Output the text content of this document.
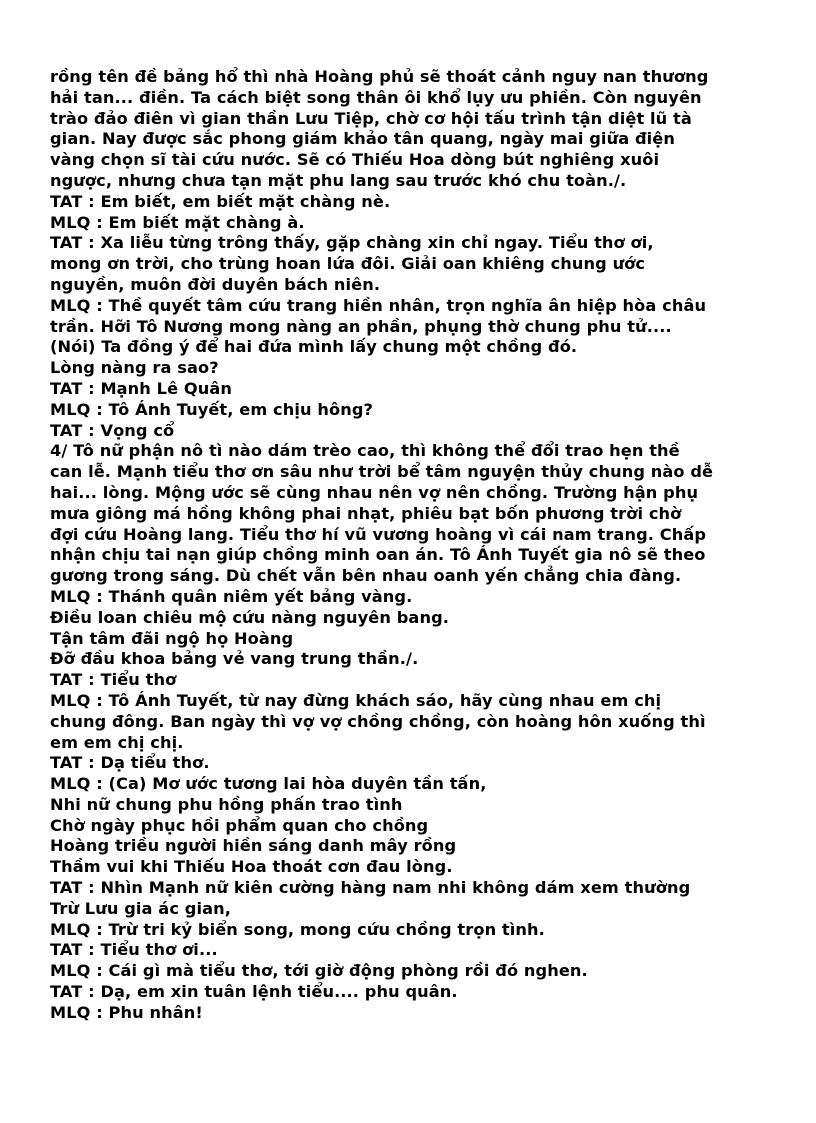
rồng tên đề bảng hổ thì nhà Hoàng phủ sẽ thoát cảnh nguy nan thương
hải tan... điền. Ta cách biệt song thân ôi khổ lụy ưu phiền. Còn nguyên
trào đảo điên vì gian thần Lưu Tiệp, chờ cơ hội tấu trình tận diệt lũ tà
gian. Nay được sắc phong giám khảo tân quang, ngày mai giữa điện
vàng chọn sĩ tài cứu nước. Sẽ có Thiếu Hoa dòng bút nghiêng xuôi
ngược, nhưng chưa tạn mặt phu lang sau trước khó chu toàn./.
TAT : Em biết, em biết mặt chàng nè.
MLQ : Em biết mặt chàng à.
TAT : Xa liễu từng trông thấy, gặp chàng xin chỉ ngay. Tiểu thơ ơi,
mong ơn trời, cho trùng hoan lứa đôi. Giải oan khiêng chung ước
nguyền, muôn đời duyên bách niên.
MLQ : Thề quyết tâm cứu trang hiền nhân, trọn nghĩa ân hiệp hòa châu
trần. Hỡi Tô Nương mong nàng an phần, phụng thờ chung phu tử....
(Nói) Ta đồng ý để hai đứa mình lấy chung một chồng đó.
Lòng nàng ra sao?
TAT : Mạnh Lê Quân
MLQ : Tô Ánh Tuyết, em chịu hông?
TAT : Vọng cổ
4/ Tô nữ phận nô tì nào dám trèo cao, thì không thể đổi trao hẹn thề
can lễ. Mạnh tiểu thơ ơn sâu như trời bể tâm nguyện thủy chung nào dễ
hai... lòng. Mộng ước sẽ cùng nhau nên vợ nên chồng. Trường hận phụ
mưa giông má hồng không phai nhạt, phiêu bạt bốn phương trời chờ
đợi cứu Hoàng lang. Tiểu thơ hí vũ vương hoàng vì cái nam trang. Chấp
nhận chịu tai nạn giúp chồng minh oan án. Tô Ánh Tuyết gia nô sẽ theo
gương trong sáng. Dù chết vẫn bên nhau oanh yến chẳng chia đàng.
MLQ : Thánh quân niêm yết bảng vàng.
Điều loan chiêu mộ cứu nàng nguyên bang.
Tận tâm đãi ngộ họ Hoàng
Đỡ đầu khoa bảng vẻ vang trung thần./.
TAT : Tiểu thơ
MLQ : Tô Ánh Tuyết, từ nay đừng khách sáo, hãy cùng nhau em chị
chung đông. Ban ngày thì vợ vợ chồng chồng, còn hoàng hôn xuống thì
em em chị chị.
TAT : Dạ tiểu thơ.
MLQ : (Ca) Mơ ước tương lai hòa duyên tần tấn,
Nhi nữ chung phu hồng phấn trao tình
Chờ ngày phục hồi phẩm quan cho chồng
Hoàng triều người hiền sáng danh mây rồng
Thầm vui khi Thiếu Hoa thoát cơn đau lòng.
TAT : Nhìn Mạnh nữ kiên cường hàng nam nhi không dám xem thường
Trừ Lưu gia ác gian,
MLQ : Trừ tri kỷ biển song, mong cứu chồng trọn tình.
TAT : Tiểu thơ ơi...
MLQ : Cái gì mà tiểu thơ, tới giờ động phòng rồi đó nghen.
TAT : Dạ, em xin tuân lệnh tiểu.... phu quân.
MLQ : Phu nhân!
